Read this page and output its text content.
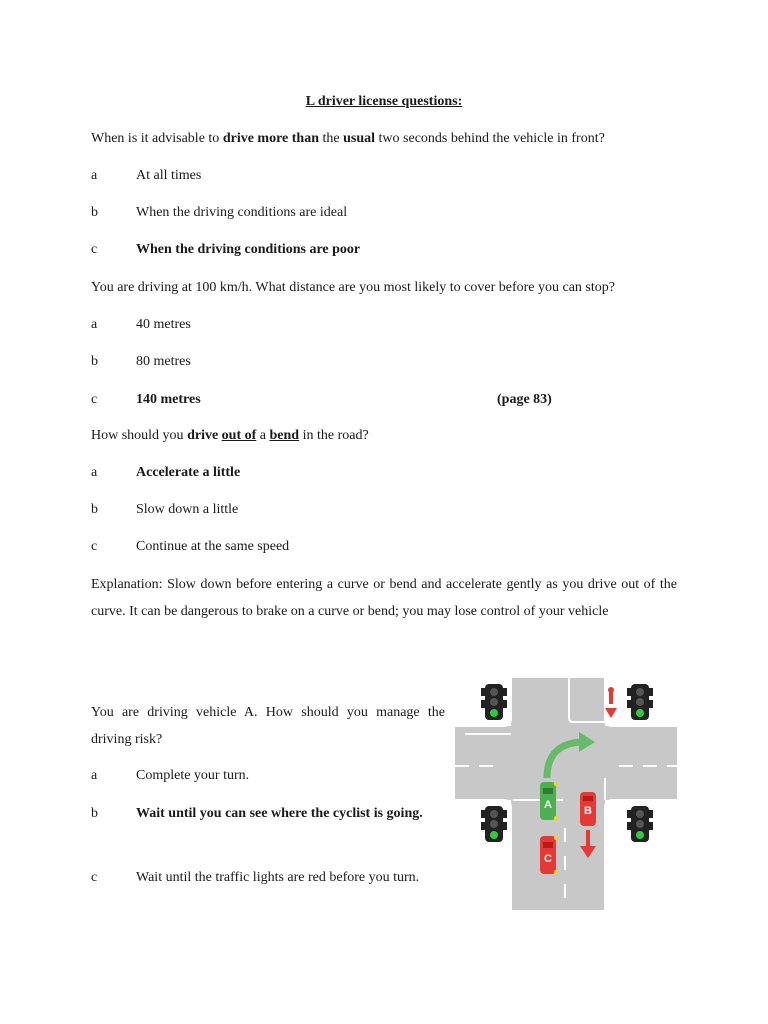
L driver license questions:
When is it advisable to drive more than the usual two seconds behind the vehicle in front?
a	At all times
b	When the driving conditions are ideal
c	When the driving conditions are poor
You are driving at 100 km/h. What distance are you most likely to cover before you can stop?
a	40 metres
b	80 metres
c	140 metres	(page 83)
How should you drive out of a bend in the road?
a	Accelerate a little
b	Slow down a little
c	Continue at the same speed
Explanation: Slow down before entering a curve or bend and accelerate gently as you drive out of the curve. It can be dangerous to brake on a curve or bend; you may lose control of your vehicle
You are driving vehicle A. How should you manage the driving risk?
a	Complete your turn.
b	Wait until you can see where the cyclist is going.
c	Wait until the traffic lights are red before you turn.
A
C
B
